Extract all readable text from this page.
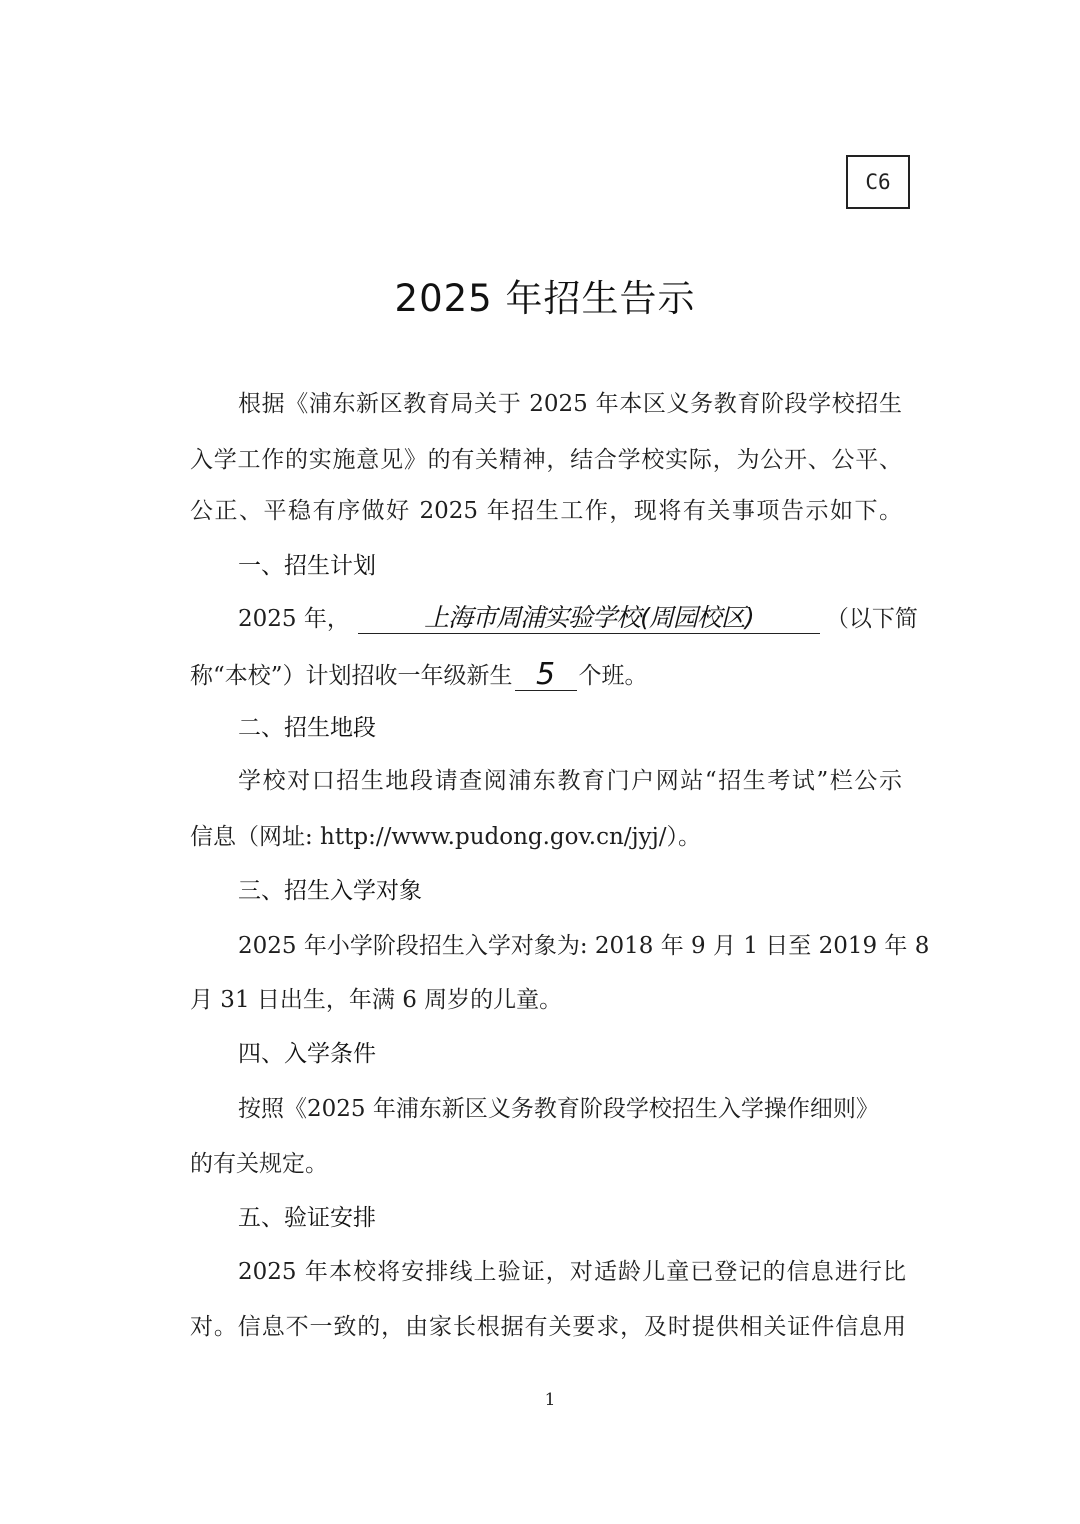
C6
2025 年招生告示
根据《浦东新区教育局关于 2025 年本区义务教育阶段学校招生
入学工作的实施意见》的有关精神，结合学校实际，为公开、公平、
公正、平稳有序做好 2025 年招生工作，现将有关事项告示如下。
一、招生计划
2025 年，	上海市周浦实验学校(周园校区)	（以下简
称“本校”）计划招收一年级新生 5 个班。
二、招生地段
学校对口招生地段请查阅浦东教育门户网站“招生考试”栏公示
信息（网址: http://www.pudong.gov.cn/jyj/）。
三、招生入学对象
2025 年小学阶段招生入学对象为: 2018 年 9 月 1 日至 2019 年 8
月 31 日出生，年满 6 周岁的儿童。
四、入学条件
按照《2025 年浦东新区义务教育阶段学校招生入学操作细则》
的有关规定。
五、验证安排
2025 年本校将安排线上验证，对适龄儿童已登记的信息进行比
对。信息不一致的，由家长根据有关要求，及时提供相关证件信息用
1
